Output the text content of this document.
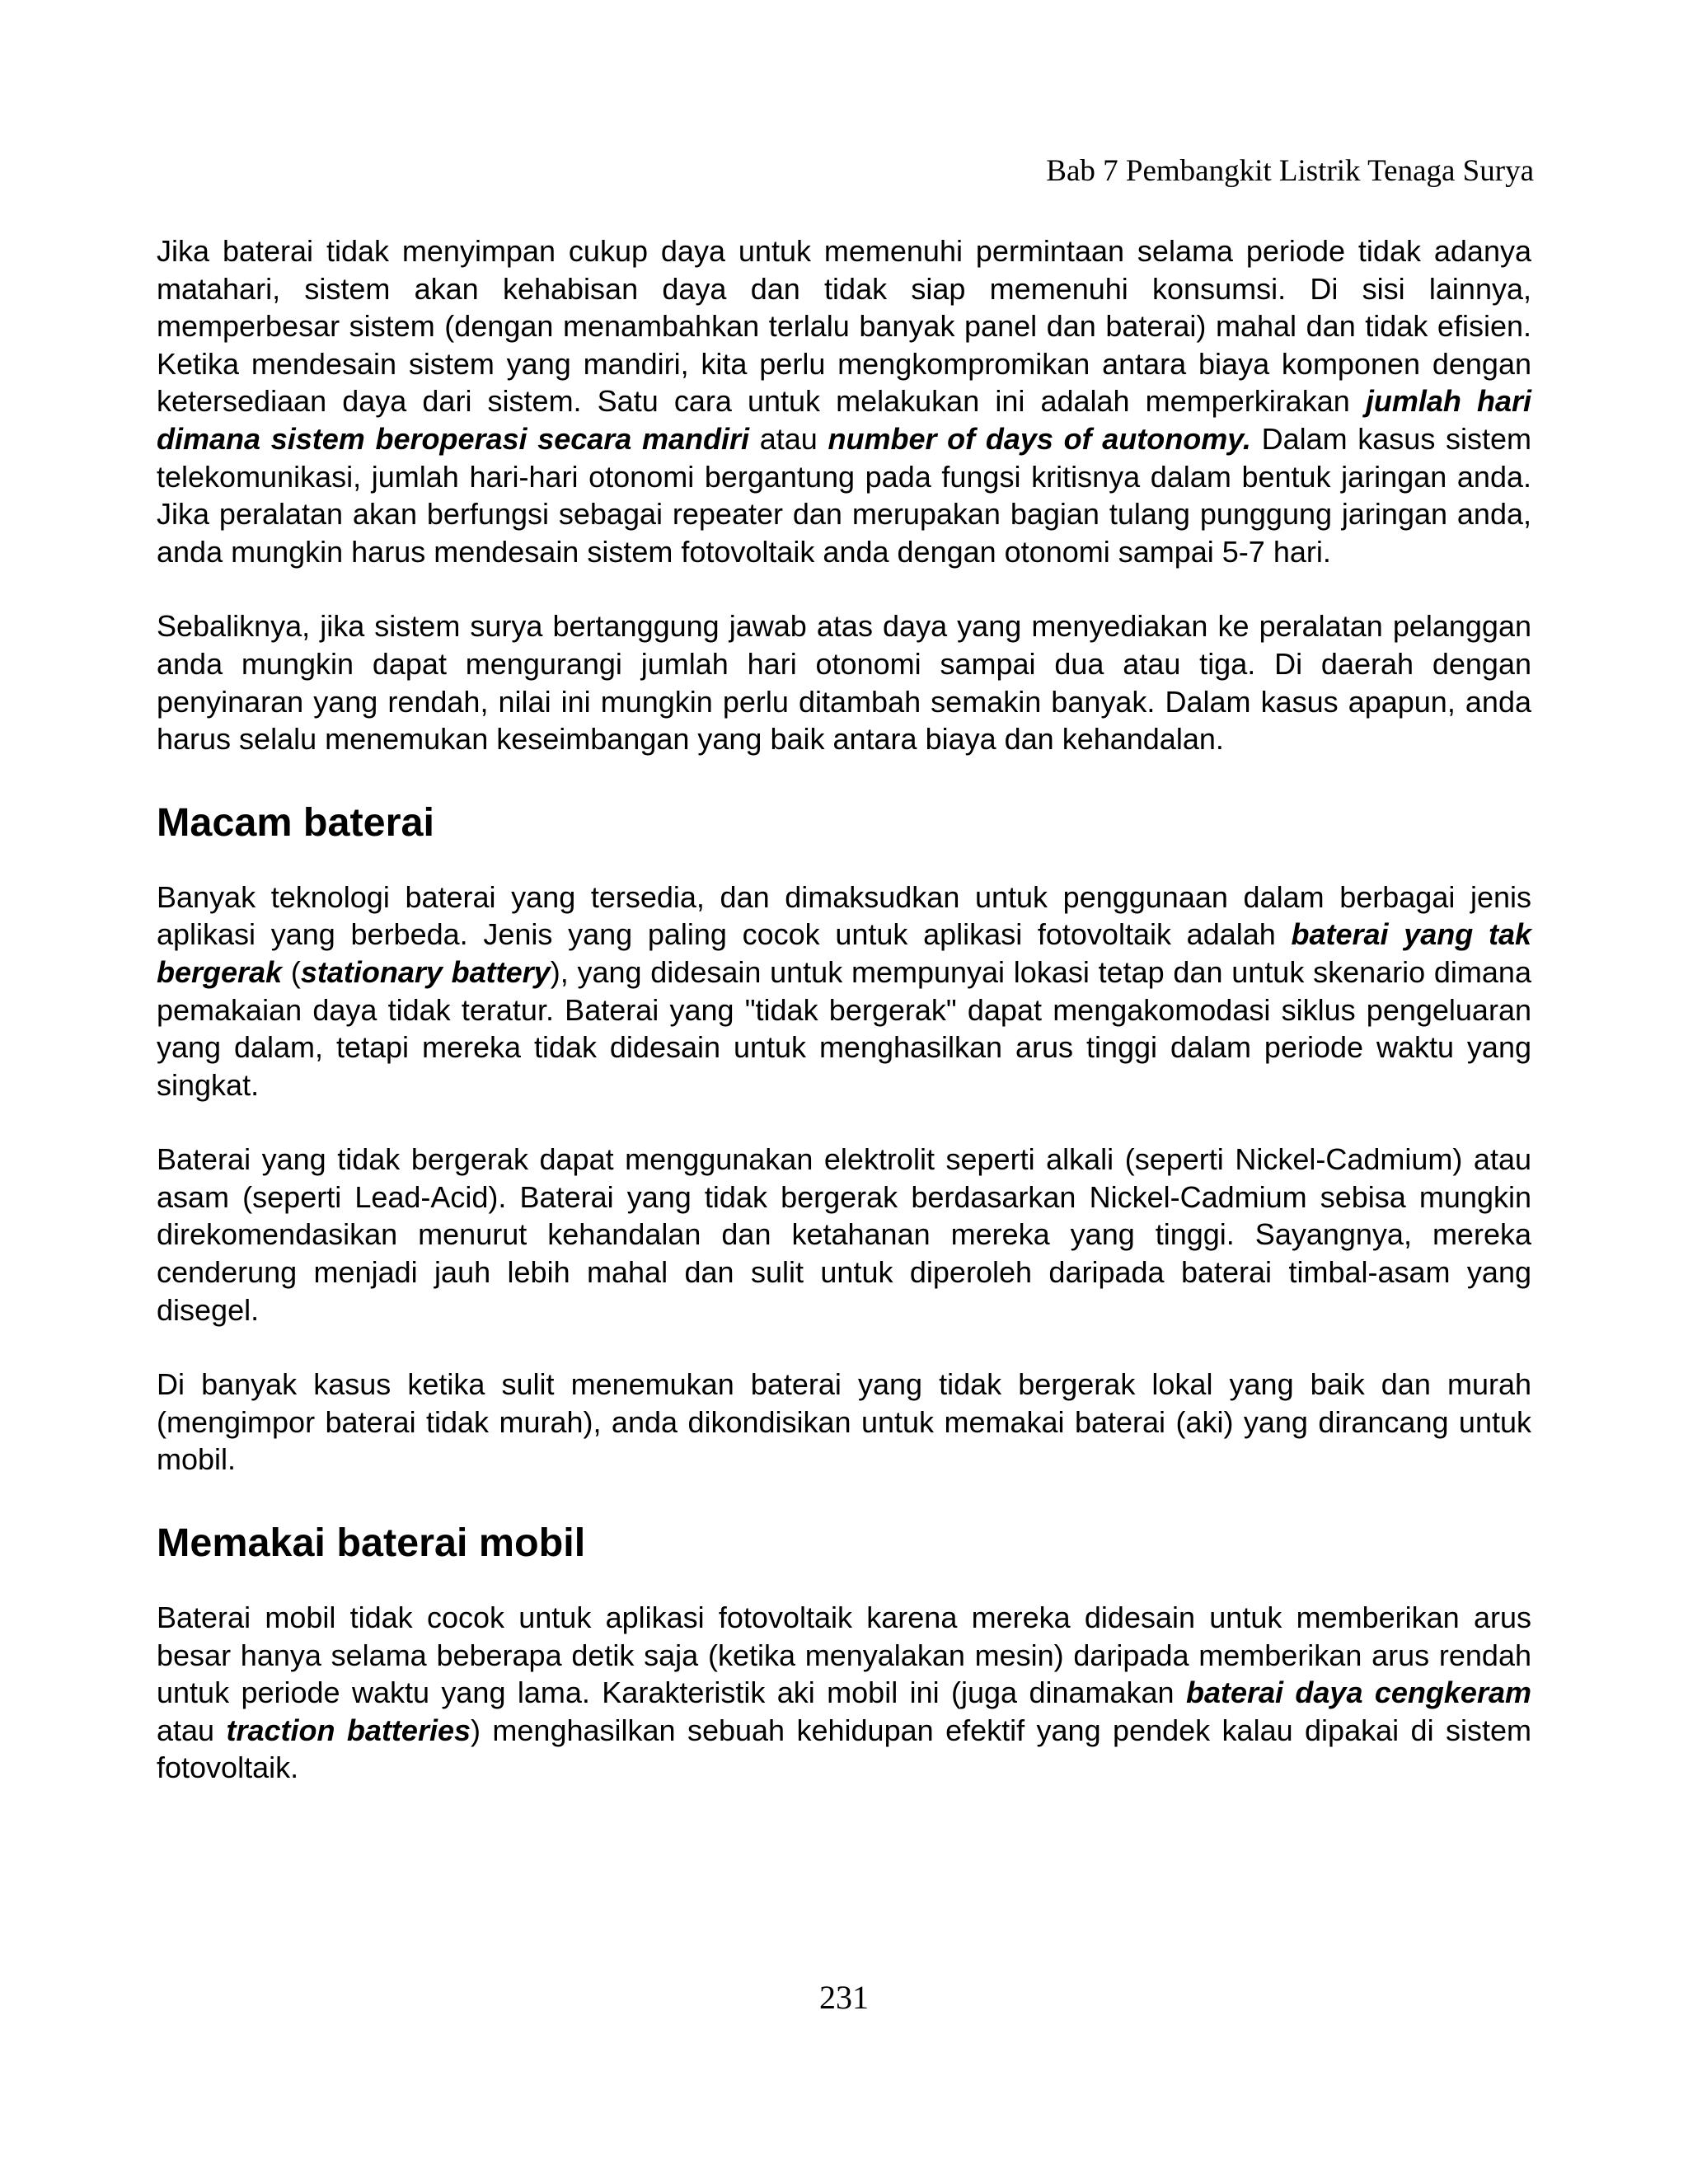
Bab 7 Pembangkit Listrik Tenaga Surya

Jika baterai tidak menyimpan cukup daya untuk memenuhi permintaan selama periode tidak adanya matahari, sistem akan kehabisan daya dan tidak siap memenuhi konsumsi. Di sisi lainnya, memperbesar sistem (dengan menambahkan terlalu banyak panel dan baterai) mahal dan tidak efisien. Ketika mendesain sistem yang mandiri, kita perlu mengkompromikan antara biaya komponen dengan ketersediaan daya dari sistem. Satu cara untuk melakukan ini adalah memperkirakan jumlah hari dimana sistem beroperasi secara mandiri atau number of days of autonomy. Dalam kasus sistem telekomunikasi, jumlah hari-hari otonomi bergantung pada fungsi kritisnya dalam bentuk jaringan anda. Jika peralatan akan berfungsi sebagai repeater dan merupakan bagian tulang punggung jaringan anda, anda mungkin harus mendesain sistem fotovoltaik anda dengan otonomi sampai 5-7 hari.

Sebaliknya, jika sistem surya bertanggung jawab atas daya yang menyediakan ke peralatan pelanggan anda mungkin dapat mengurangi jumlah hari otonomi sampai dua atau tiga. Di daerah dengan penyinaran yang rendah, nilai ini mungkin perlu ditambah semakin banyak. Dalam kasus apapun, anda harus selalu menemukan keseimbangan yang baik antara biaya dan kehandalan.

Macam baterai

Banyak teknologi baterai yang tersedia, dan dimaksudkan untuk penggunaan dalam berbagai jenis aplikasi yang berbeda. Jenis yang paling cocok untuk aplikasi fotovoltaik adalah baterai yang tak bergerak (stationary battery), yang didesain untuk mempunyai lokasi tetap dan untuk skenario dimana pemakaian daya tidak teratur. Baterai yang "tidak bergerak" dapat mengakomodasi siklus pengeluaran yang dalam, tetapi mereka tidak didesain untuk menghasilkan arus tinggi dalam periode waktu yang singkat.

Baterai yang tidak bergerak dapat menggunakan elektrolit seperti alkali (seperti Nickel-Cadmium) atau asam (seperti Lead-Acid). Baterai yang tidak bergerak berdasarkan Nickel-Cadmium sebisa mungkin direkomendasikan menurut kehandalan dan ketahanan mereka yang tinggi. Sayangnya, mereka cenderung menjadi jauh lebih mahal dan sulit untuk diperoleh daripada baterai timbal-asam yang disegel.

Di banyak kasus ketika sulit menemukan baterai yang tidak bergerak lokal yang baik dan murah (mengimpor baterai tidak murah), anda dikondisikan untuk memakai baterai (aki) yang dirancang untuk mobil.

Memakai baterai mobil

Baterai mobil tidak cocok untuk aplikasi fotovoltaik karena mereka didesain untuk memberikan arus besar hanya selama beberapa detik saja (ketika menyalakan mesin) daripada memberikan arus rendah untuk periode waktu yang lama. Karakteristik aki mobil ini (juga dinamakan baterai daya cengkeram atau traction batteries) menghasilkan sebuah kehidupan efektif yang pendek kalau dipakai di sistem fotovoltaik.

231
